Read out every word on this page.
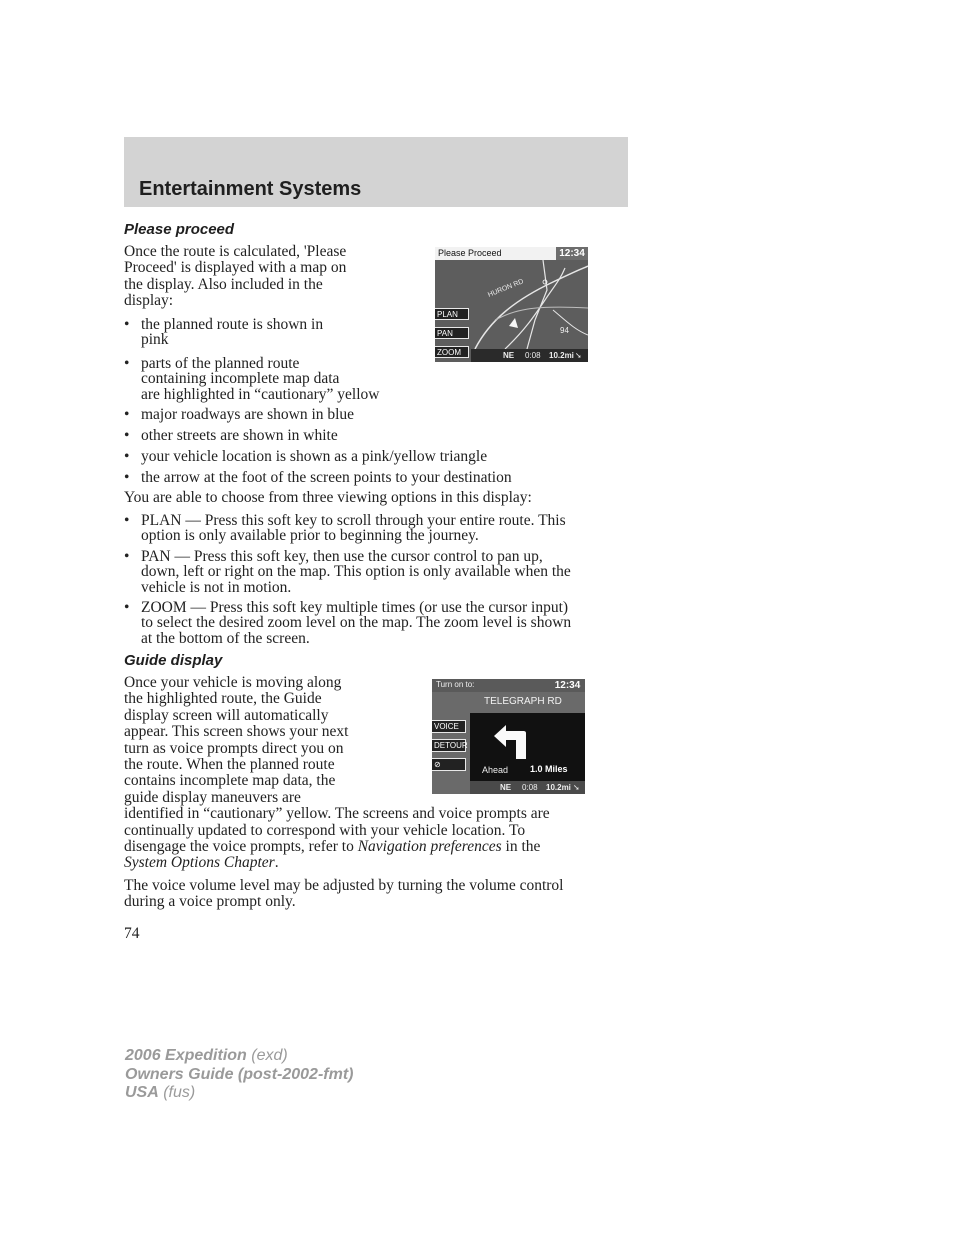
Entertainment Systems
Please proceed
Once the route is calculated, 'Please
Proceed' is displayed with a map on
the display. Also included in the
display:
• the planned route is shown in
pink
• parts of the planned route
containing incomplete map data
are highlighted in “cautionary” yellow
• major roadways are shown in blue
• other streets are shown in white
• your vehicle location is shown as a pink/yellow triangle
• the arrow at the foot of the screen points to your destination
You are able to choose from three viewing options in this display:
• PLAN — Press this soft key to scroll through your entire route. This
option is only available prior to beginning the journey.
• PAN — Press this soft key, then use the cursor control to pan up,
down, left or right on the map. This option is only available when the
vehicle is not in motion.
• ZOOM — Press this soft key multiple times (or use the cursor input)
to select the desired zoom level on the map. The zoom level is shown
at the bottom of the screen.
Please Proceed	12:34
HURON RD
94
PLAN
PAN
ZOOM	NE 0:08 10.2mi ➘
Guide display
Once your vehicle is moving along
the highlighted route, the Guide
display screen will automatically
appear. This screen shows your next
turn as voice prompts direct you on
the route. When the planned route
contains incomplete map data, the
guide display maneuvers are
identified in “cautionary” yellow. The screens and voice prompts are
continually updated to correspond with your vehicle location. To
disengage the voice prompts, refer to Navigation preferences in the
System Options Chapter.
The voice volume level may be adjusted by turning the volume control
during a voice prompt only.
Turn on to:	12:34
TELEGRAPH RD
Ahead 1.0 Miles
VOICE
DETOUR
⊘
NE 0:08 10.2mi ➘
74
2006 Expedition (exd)
Owners Guide (post-2002-fmt)
USA (fus)
